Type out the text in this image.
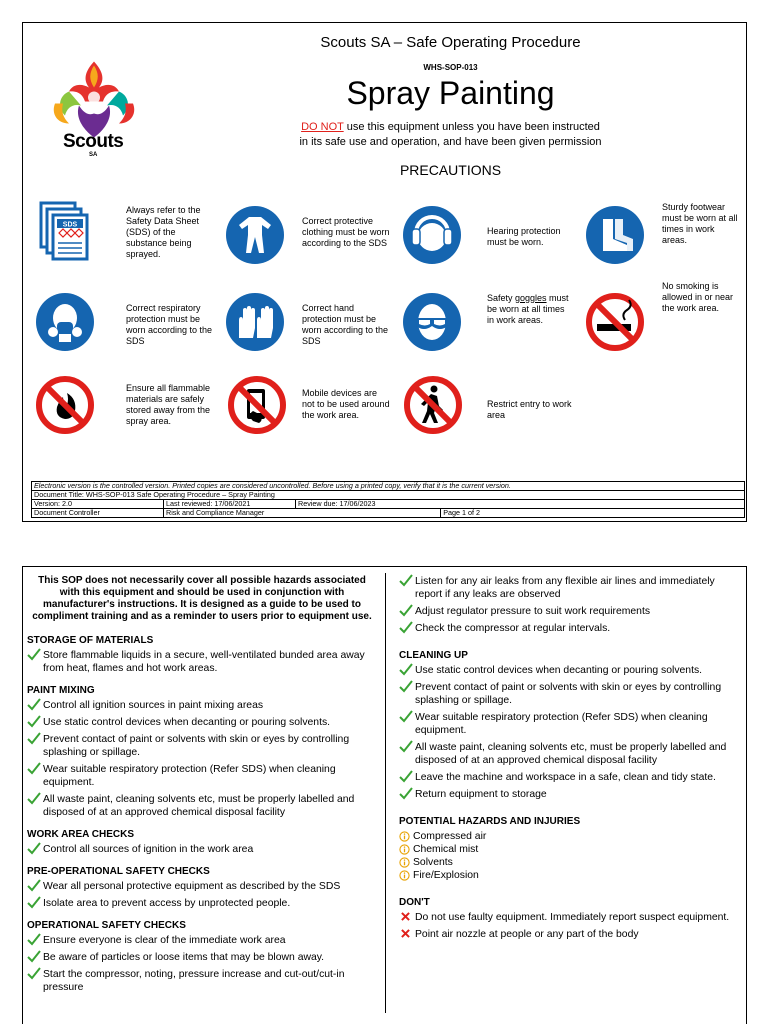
Scouts
SA
Scouts SA – Safe Operating Procedure
WHS-SOP-013
Spray Painting
DO NOT use this equipment unless you have been instructed
in its safe use and operation, and have been given permission
PRECAUTIONS
SDS
Always refer to the Safety Data Sheet (SDS) of the substance being sprayed.
Correct protective clothing must be worn according to the SDS
Hearing protection must be worn.
Sturdy footwear must be worn at all times in work areas.
Correct respiratory protection must be worn according to the SDS
Correct hand protection must be worn according to the SDS
Safety goggles must be worn at all times in work areas.
No smoking is allowed in or near the work area.
Ensure all flammable materials are safely stored away from the spray area.
Mobile devices are not to be used around the work area.
Restrict entry to work area
Electronic version is the controlled version. Printed copies are considered uncontrolled. Before using a printed copy, verify that it is the current version.			
Document Title: WHS-SOP-013 Safe Operating Procedure – Spray Painting			
Version: 2.0	Last reviewed: 17/06/2021	Review due: 17/06/2023	
Document Controller	Risk and Compliance Manager		Page 1 of 2
This SOP does not necessarily cover all possible hazards associated with this equipment and should be used in conjunction with manufacturer's instructions. It is designed as a guide to be used to compliment training and as a reminder to users prior to equipment use.
STORAGE OF MATERIALS
Store flammable liquids in a secure, well-ventilated bunded area away from heat, flames and hot work areas.
PAINT MIXING
Control all ignition sources in paint mixing areas
Use static control devices when decanting or pouring solvents.
Prevent contact of paint or solvents with skin or eyes by controlling splashing or spillage.
Wear suitable respiratory protection (Refer SDS) when cleaning equipment.
All waste paint, cleaning solvents etc, must be properly labelled and disposed of at an approved chemical disposal facility
WORK AREA CHECKS
Control all sources of ignition in the work area
PRE-OPERATIONAL SAFETY CHECKS
Wear all personal protective equipment as described by the SDS
Isolate area to prevent access by unprotected people.
OPERATIONAL SAFETY CHECKS
Ensure everyone is clear of the immediate work area
Be aware of particles or loose items that may be blown away.
Start the compressor, noting, pressure increase and cut-out/cut-in pressure
Listen for any air leaks from any flexible air lines and immediately report if any leaks are observed
Adjust regulator pressure to suit work requirements
Check the compressor at regular intervals.
CLEANING UP
Use static control devices when decanting or pouring solvents.
Prevent contact of paint or solvents with skin or eyes by controlling splashing or spillage.
Wear suitable respiratory protection (Refer SDS) when cleaning equipment.
All waste paint, cleaning solvents etc, must be properly labelled and disposed of at an approved chemical disposal facility
Leave the machine and workspace in a safe, clean and tidy state.
Return equipment to storage
POTENTIAL HAZARDS AND INJURIES
Compressed air
Chemical mist
Solvents
Fire/Explosion
DON'T
Do not use faulty equipment. Immediately report suspect equipment.
Point air nozzle at people or any part of the body
